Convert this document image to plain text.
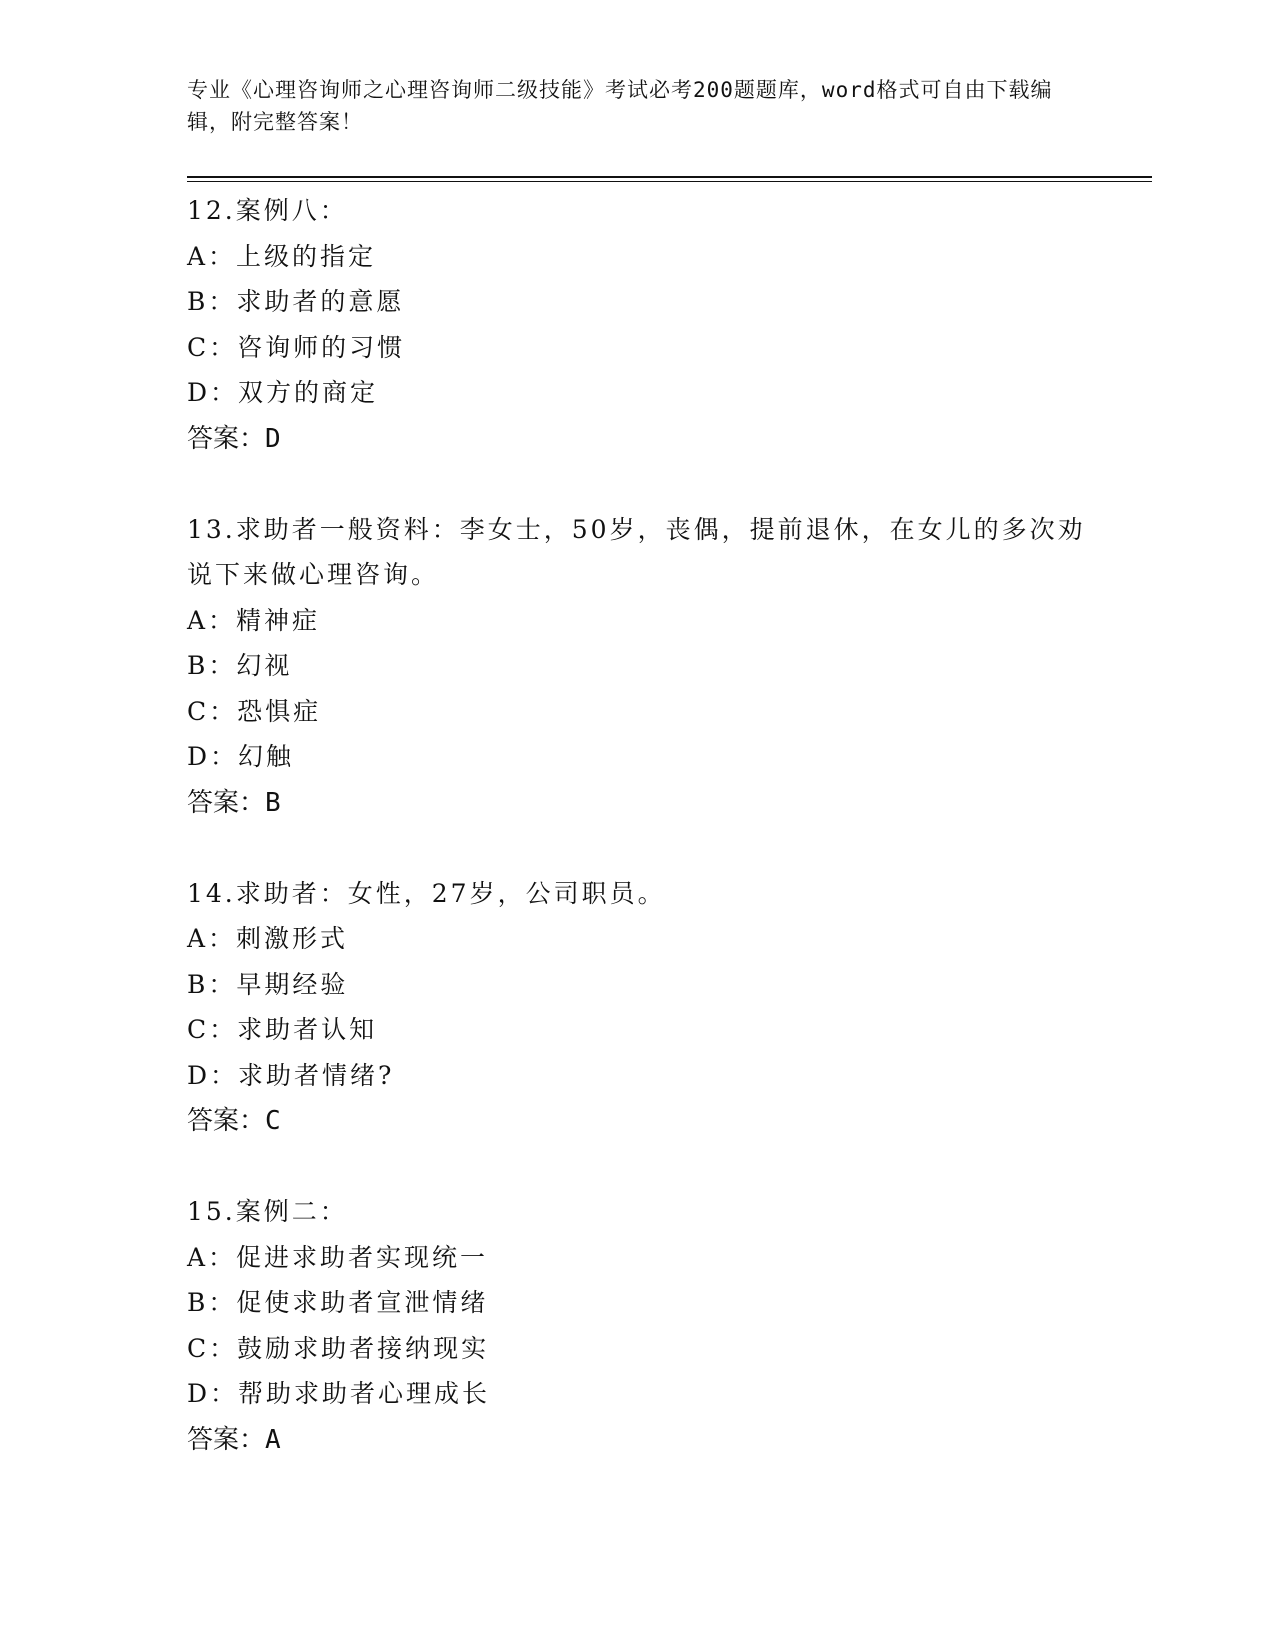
专业《心理咨询师之心理咨询师二级技能》考试必考200题题库，word格式可自由下载编辑，附完整答案！
12.案例八：
A：上级的指定
B：求助者的意愿
C：咨询师的习惯
D：双方的商定
答案：D
13.求助者一般资料：李女士，50岁，丧偶，提前退休，在女儿的多次劝说下来做心理咨询。
A：精神症
B：幻视
C：恐惧症
D：幻触
答案：B
14.求助者：女性，27岁，公司职员。
A：刺激形式
B：早期经验
C：求助者认知
D：求助者情绪?
答案：C
15.案例二：
A：促进求助者实现统一
B：促使求助者宣泄情绪
C：鼓励求助者接纳现实
D：帮助求助者心理成长
答案：A
